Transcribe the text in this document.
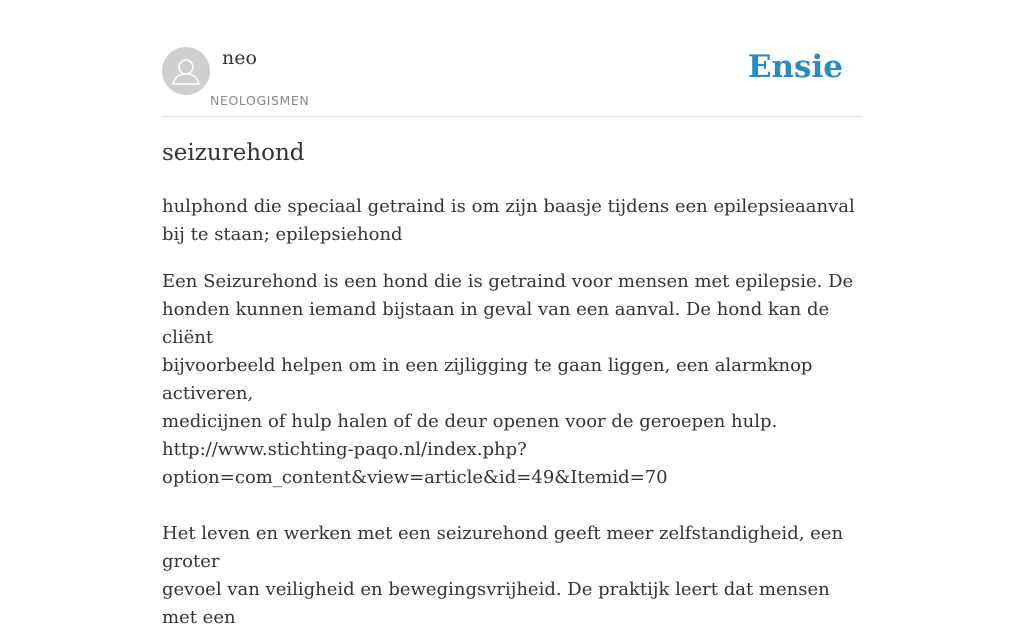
neo
NEOLOGISMEN
Ensie
seizurehond

hulphond die speciaal getraind is om zijn baasje tijdens een epilepsieaanval bij te staan; epilepsiehond

Een Seizurehond is een hond die is getraind voor mensen met epilepsie. De

honden kunnen iemand bijstaan in geval van een aanval. De hond kan de cliënt

bijvoorbeeld helpen om in een zijligging te gaan liggen, een alarmknop activeren,

medicijnen of hulp halen of de deur openen voor de geroepen hulp.

http://www.stichting-paqo.nl/index.php?

option=com_content&view=article&id=49&Itemid=70

Het leven en werken met een seizurehond geeft meer zelfstandigheid, een groter

gevoel van veiligheid en bewegingsvrijheid. De praktijk leert dat mensen met een
